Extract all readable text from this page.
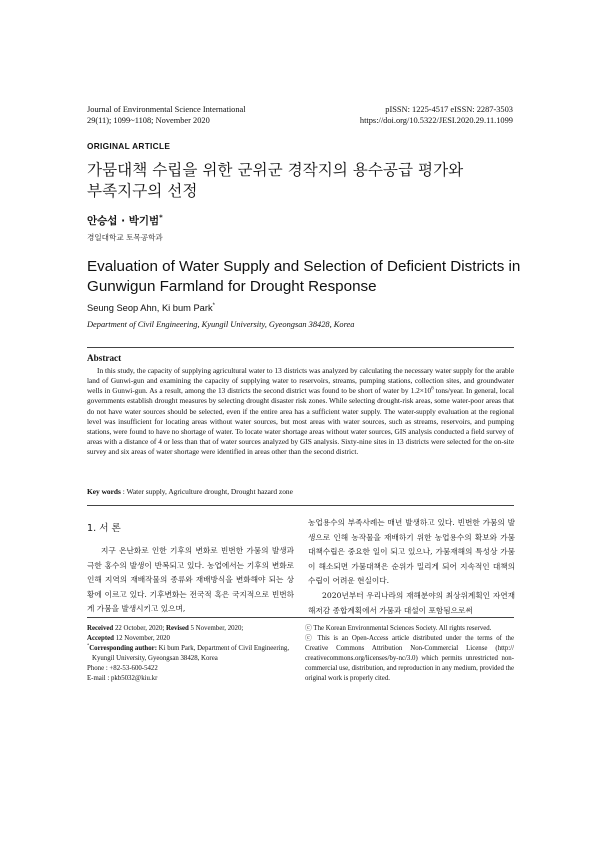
Journal of Environmental Science International
29(11); 1099~1108; November 2020
pISSN: 1225-4517 eISSN: 2287-3503
https://doi.org/10.5322/JESI.2020.29.11.1099
ORIGINAL ARTICLE
가뭄대책 수립을 위한 군위군 경작지의 용수공급 평가와
부족지구의 선정
안승섭 · 박기범*
경일대학교 토목공학과
Evaluation of Water Supply and Selection of Deficient Districts in
Gunwigun Farmland for Drought Response
Seung Seop Ahn, Ki bum Park*
Department of Civil Engineering, Kyungil University, Gyeongsan 38428, Korea
Abstract
In this study, the capacity of supplying agricultural water to 13 districts was analyzed by calculating the necessary water supply for the arable land of Gunwi-gun and examining the capacity of supplying water to reservoirs, streams, pumping stations, collection sites, and groundwater wells in Gunwi-gun. As a result, among the 13 districts the second district was found to be short of water by $1.2\times 10^6$ tons/year. In general, local governments establish drought measures by selecting drought disaster risk zones. While selecting drought-risk areas, some water-poor areas that do not have water sources should be selected, even if the entire area has a sufficient water supply. The water-supply evaluation at the regional level was insufficient for locating areas without water sources, but most areas with water sources, such as streams, reservoirs, and pumping stations, were found to have no shortage of water. To locate water shortage areas without water sources, GIS analysis conducted a field survey of areas with a distance of 4 or less than that of water sources analyzed by GIS analysis. Sixty-nine sites in 13 districts were selected for the on-site survey and six areas of water shortage were identified in areas other than the second district.
Key words : Water supply, Agriculture drought, Drought hazard zone
1. 서 론
지구 온난화로 인한 기후의 변화로 빈번한 가뭄의 발생과 극한 홍수의 발생이 반복되고 있다. 농업에서는 기후의 변화로 인해 지역의 재배작물의 종류와 재배방식을 변화해야 되는 상황에 이르고 있다. 기후변화는 전국적 혹은 국지적으로 빈번하게 가뭄을 발생시키고 있으며,

농업용수의 부족사례는 매년 발생하고 있다. 빈번한 가뭄의 발생으로 인해 농작물을 재배하기 위한 농업용수의 확보와 가뭄대책수립은 중요한 일이 되고 있으나, 가뭄재해의 특성상 가뭄이 해소되면 가뭄대책은 순위가 밀리게 되어 지속적인 대책의 수립이 어려운 현실이다.

2020년부터 우리나라의 재해분야의 최상위계획인 자연재해저감 종합계획에서 가뭄과 대설이 포함됨으로써

Received 22 October, 2020; Revised 5 November, 2020;
Accepted 12 November, 2020
*Corresponding author: Ki bum Park, Department of Civil Engineering,
Kyungil University, Gyeongsan 38428, Korea
Phone : +82-53-600-5422
E-mail : pkb5032@kiu.kr

ⓒ The Korean Environmental Sciences Society. All rights reserved.

ⓒ This is an Open-Access article distributed under the terms of the Creative Commons Attribution Non-Commercial License (http:// creativecommons.org/licenses/by-nc/3.0) which permits unrestricted non-commercial use, distribution, and reproduction in any medium, provided the original work is properly cited.
